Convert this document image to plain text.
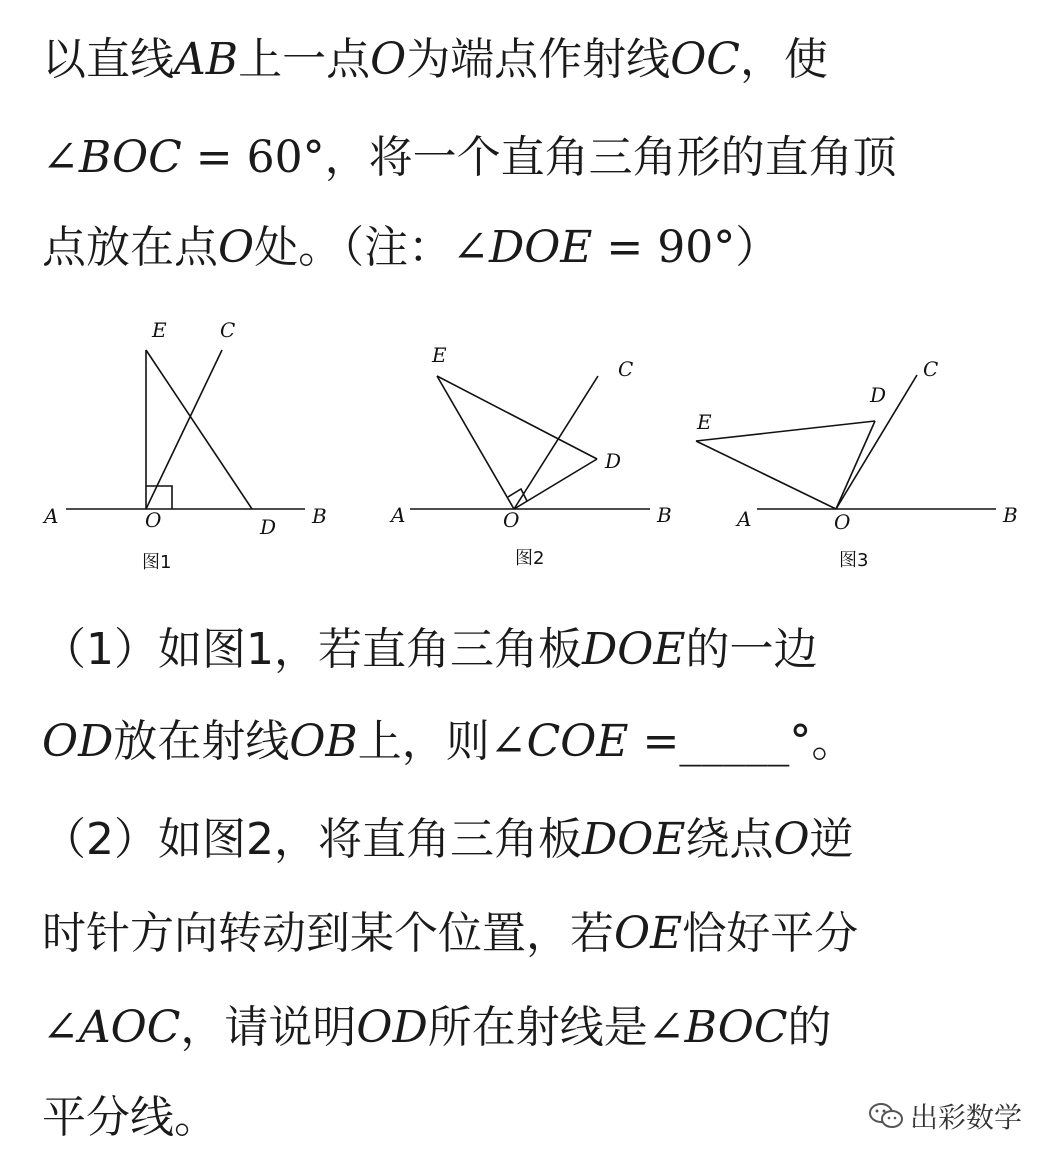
以直线AB上一点O为端点作射线OC，使
∠BOC = 60°，将一个直角三角形的直角顶
点放在点O处。（注：∠DOE = 90°）
A	B
O	D
E	C
图1
A	B
O
D
E
C
图2
A	B
O
D
E
C
图3
（1）如图1，若直角三角板DOE的一边
OD放在射线OB上，则∠COE =_____°。
（2）如图2，将直角三角板DOE绕点O逆
时针方向转动到某个位置，若OE恰好平分
∠AOC，请说明OD所在射线是∠BOC的
平分线。	出彩数学
